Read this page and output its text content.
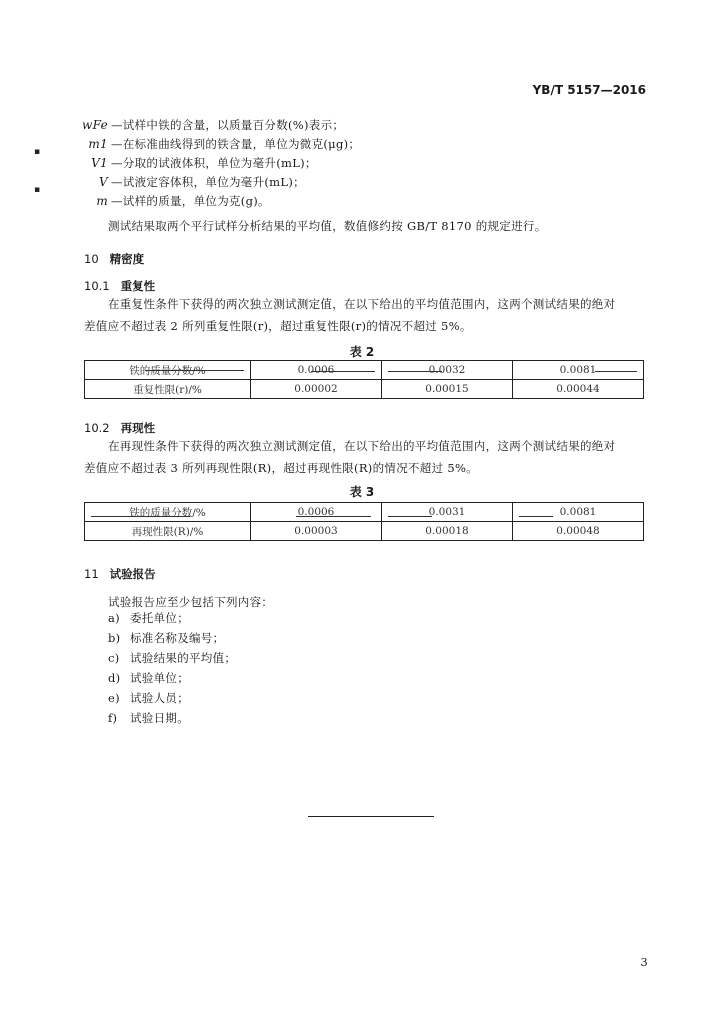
YB/T 5157—2016
▪
▪
wFe —试样中铁的含量，以质量百分数(%)表示；
m1 —在标准曲线得到的铁含量，单位为微克(μg)；
V1 —分取的试液体积，单位为毫升(mL)；
V —试液定容体积，单位为毫升(mL)；
m —试样的质量，单位为克(g)。
测试结果取两个平行试样分析结果的平均值，数值修约按 GB/T 8170 的规定进行。
10 精密度
10.1 重复性
在重复性条件下获得的两次独立测试测定值，在以下给出的平均值范围内，这两个测试结果的绝对
差值应不超过表 2 所列重复性限(r)，超过重复性限(r)的情况不超过 5%。
表 2
铁的质量分数/%	0.0006	0.0032	0.0081

重复性限(r)/%	0.00002	0.00015	0.00044
10.2 再现性
在再现性条件下获得的两次独立测试测定值，在以下给出的平均值范围内，这两个测试结果的绝对
差值应不超过表 3 所列再现性限(R)，超过再现性限(R)的情况不超过 5%。
表 3
铁的质量分数/%	0.0006	0.0031	0.0081

再现性限(R)/%	0.00003	0.00018	0.00048
11 试验报告
试验报告应至少包括下列内容：
a) 委托单位；
b) 标准名称及编号；
c) 试验结果的平均值；
d) 试验单位；
e) 试验人员；
f) 试验日期。
3
